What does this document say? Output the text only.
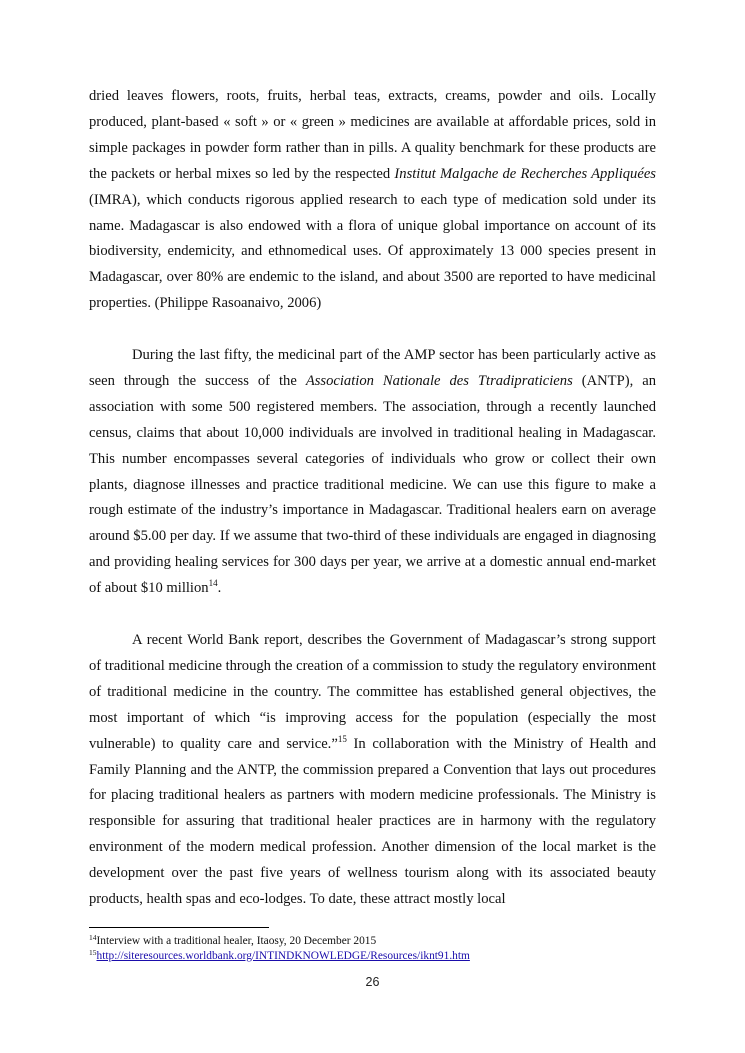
dried leaves flowers, roots, fruits, herbal teas, extracts, creams, powder and oils. Locally produced, plant-based « soft » or « green » medicines are available at affordable prices, sold in simple packages in powder form rather than in pills. A quality benchmark for these products are the packets or herbal mixes so led by the respected Institut Malgache de Recherches Appliquées (IMRA), which conducts rigorous applied research to each type of medication sold under its name. Madagascar is also endowed with a flora of unique global importance on account of its biodiversity, endemicity, and ethnomedical uses. Of approximately 13 000 species present in Madagascar, over 80% are endemic to the island, and about 3500 are reported to have medicinal properties. (Philippe Rasoanaivo, 2006)

During the last fifty, the medicinal part of the AMP sector has been particularly active as seen through the success of the Association Nationale des Ttradipraticiens (ANTP), an association with some 500 registered members. The association, through a recently launched census, claims that about 10,000 individuals are involved in traditional healing in Madagascar. This number encompasses several categories of individuals who grow or collect their own plants, diagnose illnesses and practice traditional medicine. We can use this figure to make a rough estimate of the industry’s importance in Madagascar. Traditional healers earn on average around $5.00 per day. If we assume that two-third of these individuals are engaged in diagnosing and providing healing services for 300 days per year, we arrive at a domestic annual end-market of about $10 million$^{14}$.

A recent World Bank report, describes the Government of Madagascar’s strong support of traditional medicine through the creation of a commission to study the regulatory environment of traditional medicine in the country. The committee has established general objectives, the most important of which “is improving access for the population (especially the most vulnerable) to quality care and service.”$^{15}$ In collaboration with the Ministry of Health and Family Planning and the ANTP, the commission prepared a Convention that lays out procedures for placing traditional healers as partners with modern medicine professionals. The Ministry is responsible for assuring that traditional healer practices are in harmony with the regulatory environment of the modern medical profession. Another dimension of the local market is the development over the past five years of wellness tourism along with its associated beauty products, health spas and eco-lodges. To date, these attract mostly local

$^{14}$Interview with a traditional healer, Itaosy, 20 December 2015
$^{15}$http://siteresources.worldbank.org/INTINDKNOWLEDGE/Resources/iknt91.htm
26
